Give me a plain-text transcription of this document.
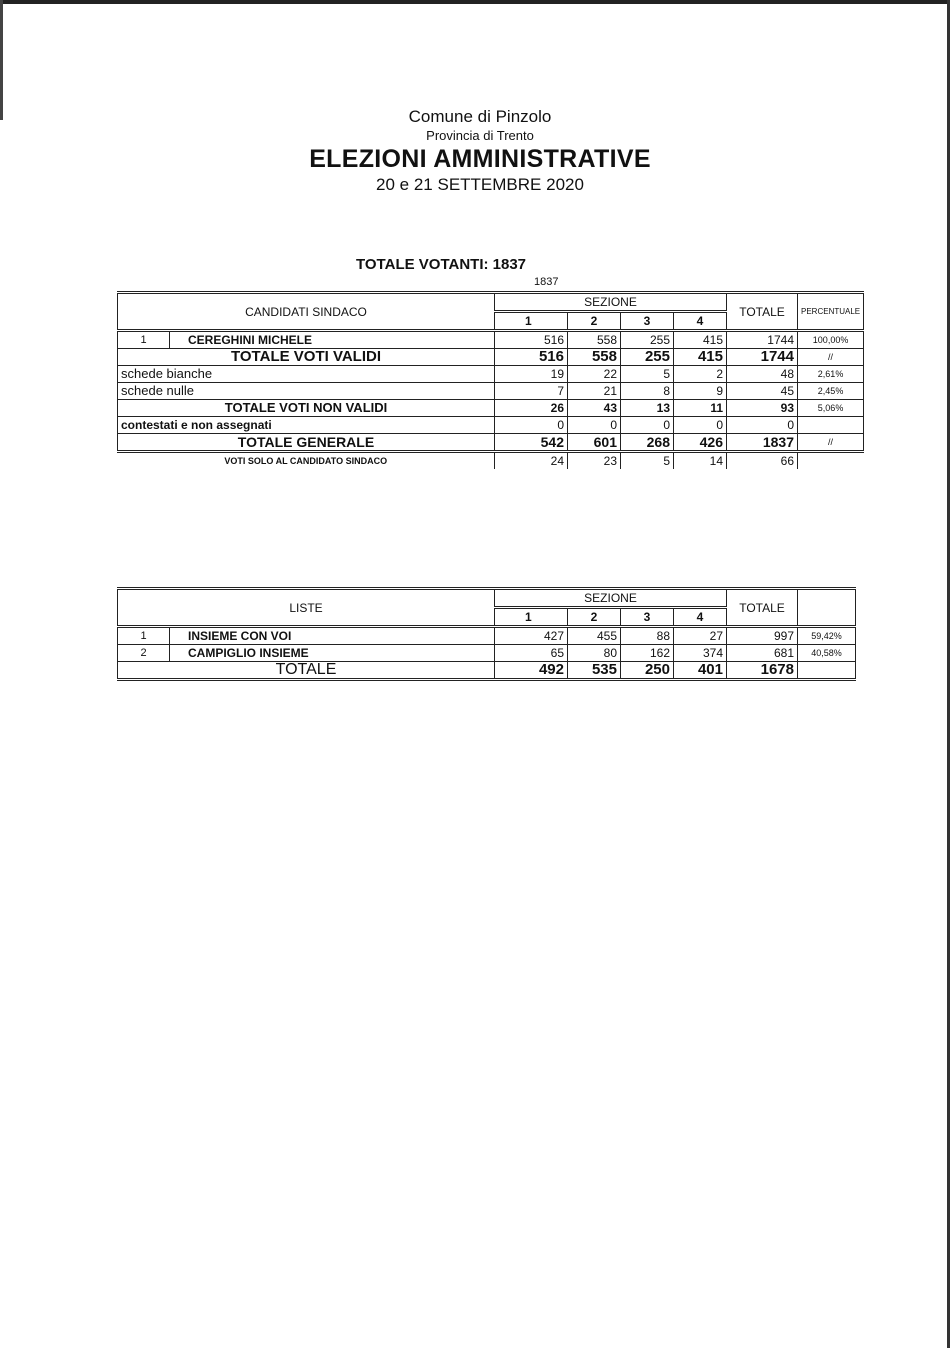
Comune di Pinzolo
Provincia di Trento
ELEZIONI AMMINISTRATIVE
20 e 21 SETTEMBRE 2020
TOTALE VOTANTI: 1837
1837
CANDIDATI SINDACO		SEZIONE				TOTALE	PERCENTUALE
		1	2	3	4		
1	CEREGHINI MICHELE	516	558	255	415	1744	100,00%
TOTALE VOTI VALIDI		516	558	255	415	1744	//
schede bianche		19	22	5	2	48	2,61%
schede nulle		7	21	8	9	45	2,45%
TOTALE VOTI NON VALIDI		26	43	13	11	93	5,06%
contestati e non assegnati		0	0	0	0	0	
TOTALE GENERALE		542	601	268	426	1837	//
VOTI SOLO AL CANDIDATO SINDACO		24	23	5	14	66	
LISTE		SEZIONE				TOTALE	
		1	2	3	4		
1	INSIEME CON VOI	427	455	88	27	997	59,42%
2	CAMPIGLIO INSIEME	65	80	162	374	681	40,58%
TOTALE		492	535	250	401	1678	
